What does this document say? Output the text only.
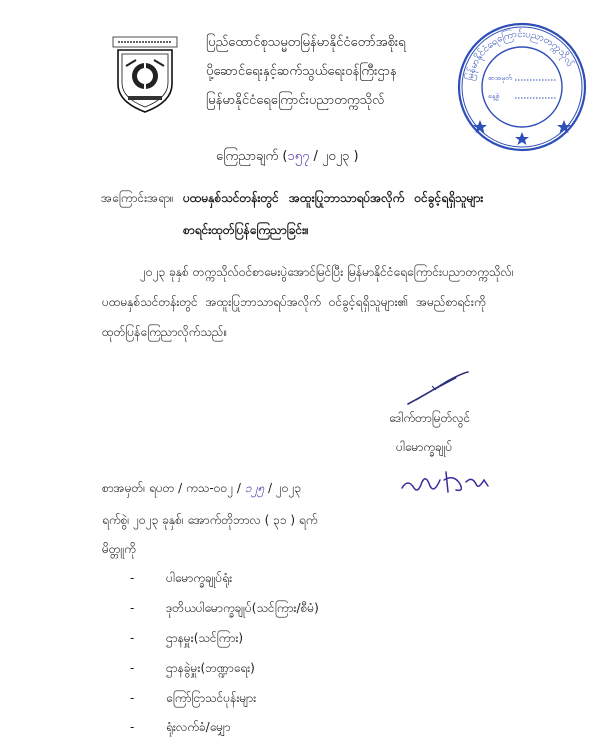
ပြည်ထောင်စုသမ္မတမြန်မာနိုင်ငံတော်အစိုးရ
ပို့ဆောင်ရေးနှင့်ဆက်သွယ်ရေးဝန်ကြီးဌာန
မြန်မာနိုင်ငံရေကြောင်းပညာတက္ကသိုလ်
မြန်မာနိုင်ငံရေကြောင်းပညာတက္ကသိုလ်
စာအမှတ်
နေ့စွဲ
ကြေညာချက် (၁၅၇ / ၂၀၂၃ )
အကြောင်းအရာ။ ပထမနှစ်သင်တန်းတွင် အထူးပြုဘာသာရပ်အလိုက် ဝင်ခွင့်ရရှိသူများ
စာရင်းထုတ်ပြန်ကြေညာခြင်း။
၂၀၂၃ ခုနှစ် တက္ကသိုလ်ဝင်စာမေးပွဲအောင်မြင်ပြီး မြန်မာနိုင်ငံရေကြောင်းပညာတက္ကသိုလ်၊
ပထမနှစ်သင်တန်းတွင် အထူးပြုဘာသာရပ်အလိုက် ဝင်ခွင့်ရရှိသူများ၏ အမည်စာရင်းကို
ထုတ်ပြန်ကြေညာလိုက်သည်။
ဒေါက်တာမြတ်လွင်
ပါမောက္ခချုပ်
စာအမှတ်၊ ရပတ / ကသ-၀၀၂ / ၁၂၅ / ၂၀၂၃
ရက်စွဲ၊ ၂၀၂၃ ခုနှစ်၊ အောက်တိုဘာလ ( ၃၁ ) ရက်
မိတ္တူကို
-	ပါမောက္ခချုပ်ရုံး
-	ဒုတိယပါမောက္ခချုပ်(သင်ကြား/စီမံ)
-	ဌာနမှူး(သင်ကြား)
-	ဌာနခွဲမှူး(ဘဏ္ဍာရေး)
-	ကြော်ငြာသင်ပုန်းများ
-	ရုံးလက်ခံ/မျှော
